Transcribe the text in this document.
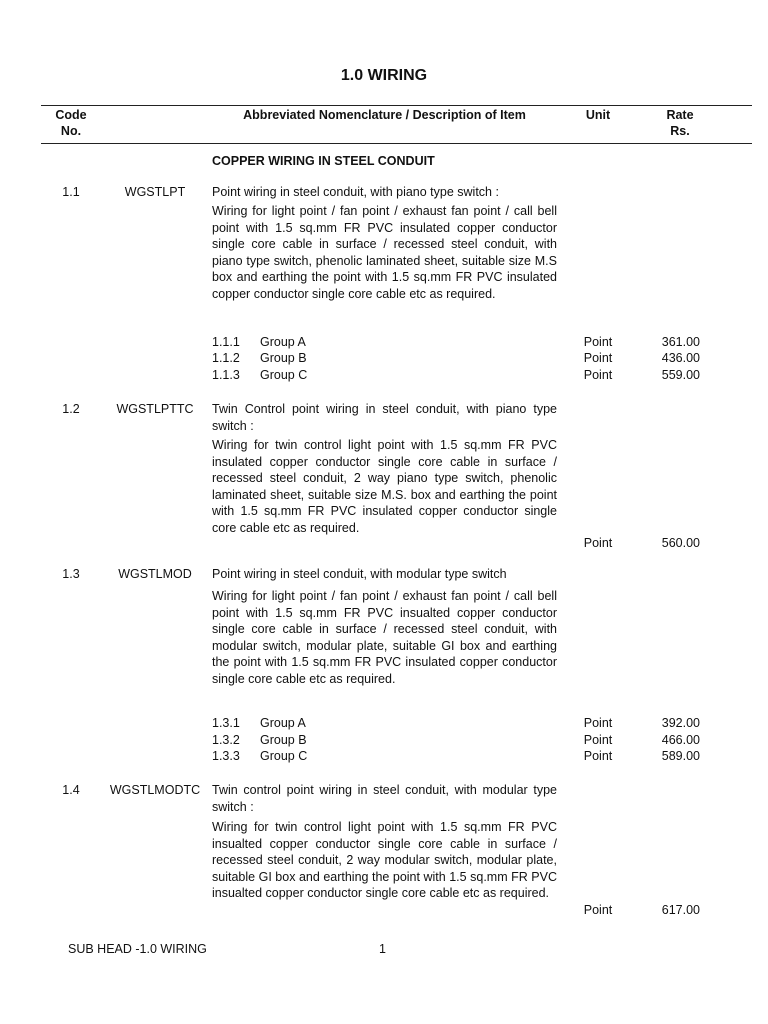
1.0 WIRING
Code
No.
Abbreviated Nomenclature / Description of Item	Unit	Rate
Rs.
COPPER WIRING IN STEEL CONDUIT
1.1	WGSTLPT	Point wiring in steel conduit, with piano type switch :
Wiring for light point / fan point / exhaust fan point / call bell point with 1.5 sq.mm FR PVC insulated copper conductor single core cable in surface / recessed steel conduit, with piano type switch, phenolic laminated sheet, suitable size M.S box and earthing the point with 1.5 sq.mm FR PVC insulated copper conductor single core cable etc as required.
1.1.1 Group A	Point	361.00
1.1.2 Group B	Point	436.00
1.1.3 Group C	Point	559.00
1.2	WGSTLPTTC	Twin Control point wiring in steel conduit, with piano type switch :
Wiring for twin control light point with 1.5 sq.mm FR PVC insulated copper conductor single core cable in surface / recessed steel conduit, 2 way piano type switch, phenolic laminated sheet, suitable size M.S. box and earthing the point with 1.5 sq.mm FR PVC insulated copper conductor single core cable etc as required.
Point	560.00
1.3	WGSTLMOD	Point wiring in steel conduit, with modular type switch
Wiring for light point / fan point / exhaust fan point / call bell point with 1.5 sq.mm FR PVC insualted copper conductor single core cable in surface / recessed steel conduit, with modular switch, modular plate, suitable GI box and earthing the point with 1.5 sq.mm FR PVC insulated copper conductor single core cable etc as required.
1.3.1 Group A	Point	392.00
1.3.2 Group B	Point	466.00
1.3.3 Group C	Point	589.00
1.4	WGSTLMODTC Twin control point wiring in steel conduit, with modular type switch :
Wiring for twin control light point with 1.5 sq.mm FR PVC insualted copper conductor single core cable in surface / recessed steel conduit, 2 way modular switch, modular plate, suitable GI box and earthing the point with 1.5 sq.mm FR PVC insualted copper conductor single core cable etc as required.
Point	617.00
SUB HEAD -1.0 WIRING	1
